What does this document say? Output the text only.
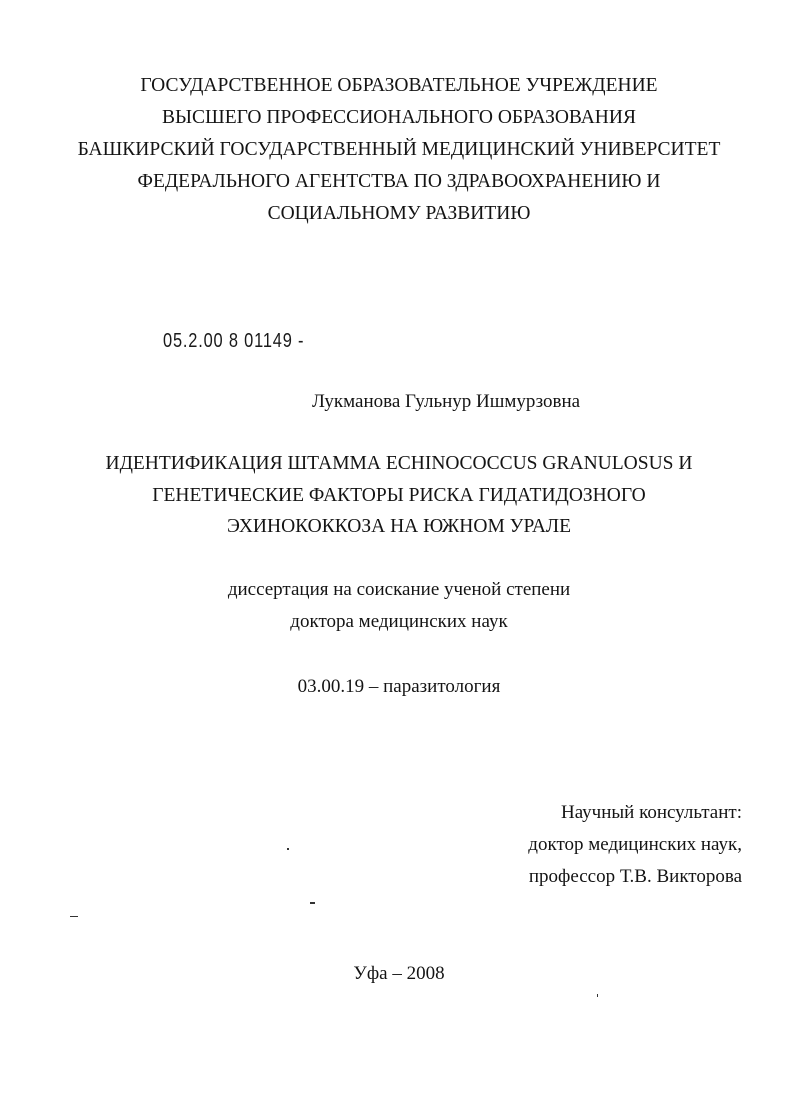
ГОСУДАРСТВЕННОЕ ОБРАЗОВАТЕЛЬНОЕ УЧРЕЖДЕНИЕ
ВЫСШЕГО ПРОФЕССИОНАЛЬНОГО ОБРАЗОВАНИЯ
БАШКИРСКИЙ ГОСУДАРСТВЕННЫЙ МЕДИЦИНСКИЙ УНИВЕРСИТЕТ
ФЕДЕРАЛЬНОГО АГЕНТСТВА ПО ЗДРАВООХРАНЕНИЮ И
СОЦИАЛЬНОМУ РАЗВИТИЮ
05.2.00 8 01149 -
Лукманова Гульнур Ишмурзовна
ИДЕНТИФИКАЦИЯ ШТАММА ECHINOCOCCUS GRANULOSUS И
ГЕНЕТИЧЕСКИЕ ФАКТОРЫ РИСКА ГИДАТИДОЗНОГО
ЭХИНОКОККОЗА НА ЮЖНОМ УРАЛЕ
диссертация на соискание ученой степени
доктора медицинских наук
03.00.19 – паразитология
Научный консультант:
доктор медицинских наук,
профессор Т.В. Викторова
Уфа – 2008
